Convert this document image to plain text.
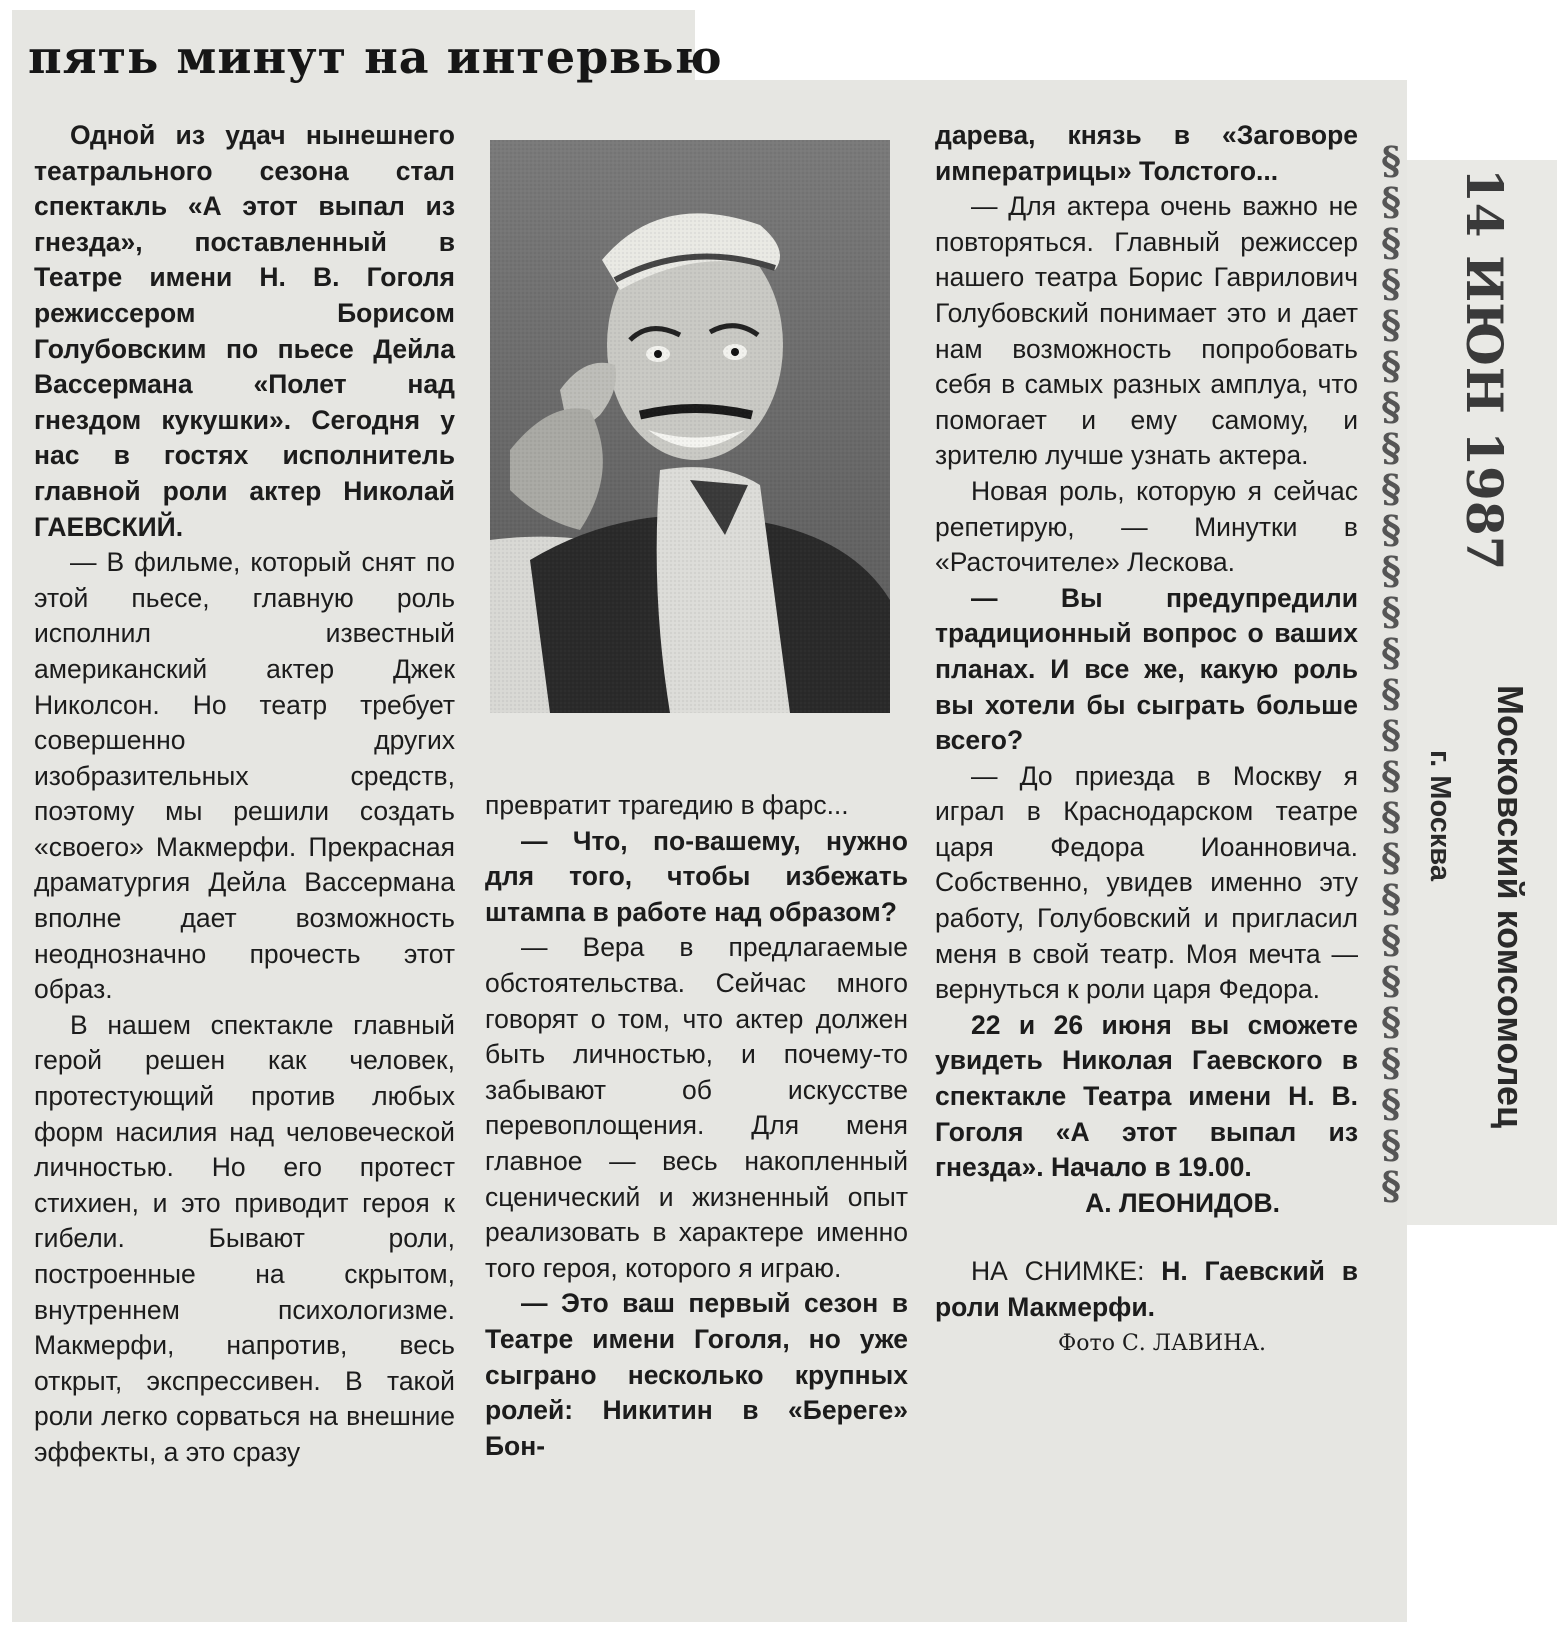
пять минут на интервью

Одной из удач нынешнего театрального сезона стал спектакль «А этот выпал из гнезда», поставленный в Театре имени Н. В. Гоголя режиссером Борисом Голубовским по пьесе Дейла Вассермана «Полет над гнездом кукушки». Сегодня у нас в гостях исполнитель главной роли актер Николай ГАЕВСКИЙ.

— В фильме, который снят по этой пьесе, главную роль исполнил известный американский актер Джек Николсон. Но театр требует совершенно других изобразительных средств, поэтому мы решили создать «своего» Макмерфи. Прекрасная драматургия Дейла Вассермана вполне дает возможность неоднозначно прочесть этот образ.

В нашем спектакле главный герой решен как человек, протестующий против любых форм насилия над человеческой личностью. Но его протест стихиен, и это приводит героя к гибели. Бывают роли, построенные на скрытом, внутреннем психологизме. Макмерфи, напротив, весь открыт, экспрессивен. В такой роли легко сорваться на внешние эффекты, а это сразу

превратит трагедию в фарс...

— Что, по-вашему, нужно для того, чтобы избежать штампа в работе над образом?

— Вера в предлагаемые обстоятельства. Сейчас много говорят о том, что актер должен быть личностью, и почему-то забывают об искусстве перевоплощения. Для меня главное — весь накопленный сценический и жизненный опыт реализовать в характере именно того героя, которого я играю.

— Это ваш первый сезон в Театре имени Гоголя, но уже сыграно несколько крупных ролей: Никитин в «Береге» Бон-

дарева, князь в «Заговоре императрицы» Толстого...

— Для актера очень важно не повторяться. Главный режиссер нашего театра Борис Гаврилович Голубовский понимает это и дает нам возможность попробовать себя в самых разных амплуа, что помогает и ему самому, и зрителю лучше узнать актера.

Новая роль, которую я сейчас репетирую, — Минутки в «Расточителе» Лескова.

— Вы предупредили традиционный вопрос о ваших планах. И все же, какую роль вы хотели бы сыграть больше всего?

— До приезда в Москву я играл в Краснодарском театре царя Федора Иоанновича. Собственно, увидев именно эту работу, Голубовский и пригласил меня в свой театр. Моя мечта — вернуться к роли царя Федора.

22 и 26 июня вы сможете увидеть Николая Гаевского в спектакле Театра имени Н. В. Гоголя «А этот выпал из гнезда». Начало в 19.00.

А. ЛЕОНИДОВ.

НА СНИМКЕ: Н. Гаевский в роли Макмерфи.

Фото С. ЛАВИНА.
§
§
§
§
§
§
§
§
§
§
§
§
§
§
§
§
§
§
§
§
§
§
§
§
§
§
14 ИЮН 1987
Московский комсомолец
г. Москва
